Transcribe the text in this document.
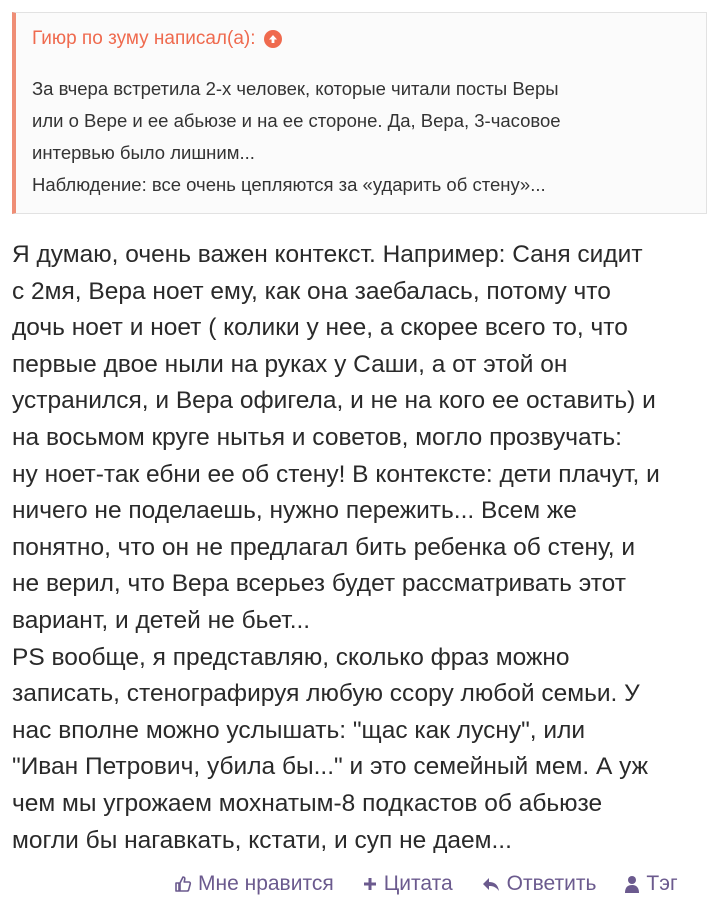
Гиюр по зуму написал(а):
За вчера встретила 2-х человек, которые читали посты Веры
или о Вере и ее абьюзе и на ее стороне. Да, Вера, 3-часовое
интервью было лишним...
Наблюдение: все очень цепляются за «ударить об стену»...
Я думаю, очень важен контекст. Например: Саня сидит
с 2мя, Вера ноет ему, как она заебалась, потому что
дочь ноет и ноет ( колики у нее, а скорее всего то, что
первые двое ныли на руках у Саши, а от этой он
устранился, и Вера офигела, и не на кого ее оставить) и
на восьмом круге нытья и советов, могло прозвучать:
ну ноет-так ебни ее об стену! В контексте: дети плачут, и
ничего не поделаешь, нужно пережить... Всем же
понятно, что он не предлагал бить ребенка об стену, и
не верил, что Вера всерьез будет рассматривать этот
вариант, и детей не бьет...
PS вообще, я представляю, сколько фраз можно
записать, стенографируя любую ссору любой семьи. У
нас вполне можно услышать: "щас как лусну", или
"Иван Петрович, убила бы..." и это семейный мем. А уж
чем мы угрожаем мохнатым-8 подкастов об абьюзе
могли бы нагавкать, кстати, и суп не даем...
Мне нравится Цитата	Ответить Тэг
